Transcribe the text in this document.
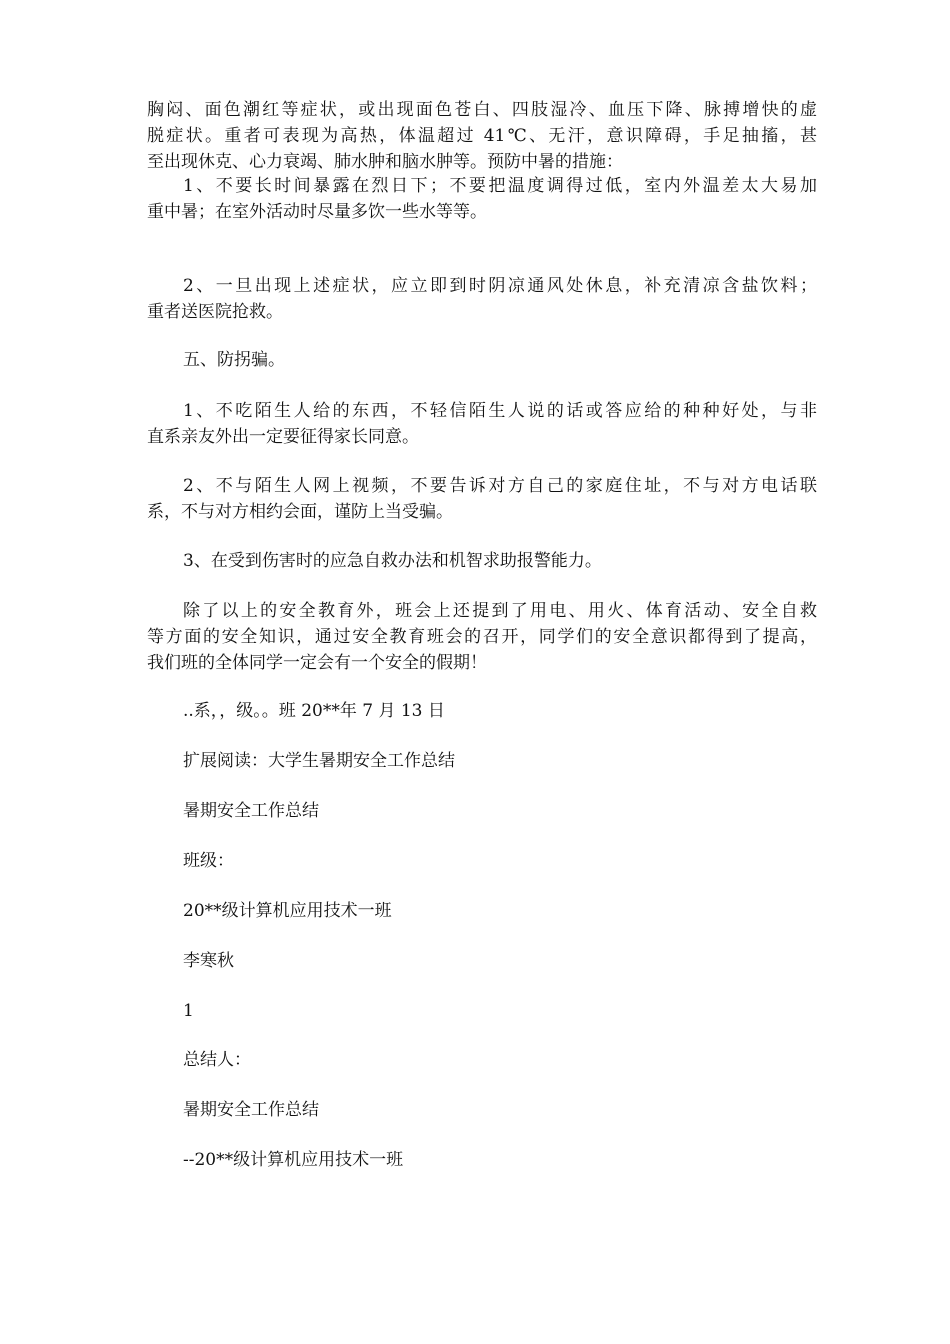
胸闷、面色潮红等症状，或出现面色苍白、四肢湿冷、血压下降、脉搏增快的虚
脱症状。重者可表现为高热，体温超过 41℃、无汗，意识障碍，手足抽搐，甚
至出现休克、心力衰竭、肺水肿和脑水肿等。预防中暑的措施：
1、不要长时间暴露在烈日下；不要把温度调得过低，室内外温差太大易加
重中暑；在室外活动时尽量多饮一些水等等。
2、一旦出现上述症状，应立即到时阴凉通风处休息，补充清凉含盐饮料；
重者送医院抢救。

五、防拐骗。

1、不吃陌生人给的东西，不轻信陌生人说的话或答应给的种种好处，与非
直系亲友外出一定要征得家长同意。
2、不与陌生人网上视频，不要告诉对方自己的家庭住址，不与对方电话联
系，不与对方相约会面，谨防上当受骗。

3、在受到伤害时的应急自救办法和机智求助报警能力。

除了以上的安全教育外，班会上还提到了用电、用火、体育活动、安全自救
等方面的安全知识，通过安全教育班会的召开，同学们的安全意识都得到了提高，
我们班的全体同学一定会有一个安全的假期！

..系，，级。。班 20**年 7 月 13 日

扩展阅读：大学生暑期安全工作总结

暑期安全工作总结

班级：

20**级计算机应用技术一班

李寒秋

1

总结人：

暑期安全工作总结

--20**级计算机应用技术一班
